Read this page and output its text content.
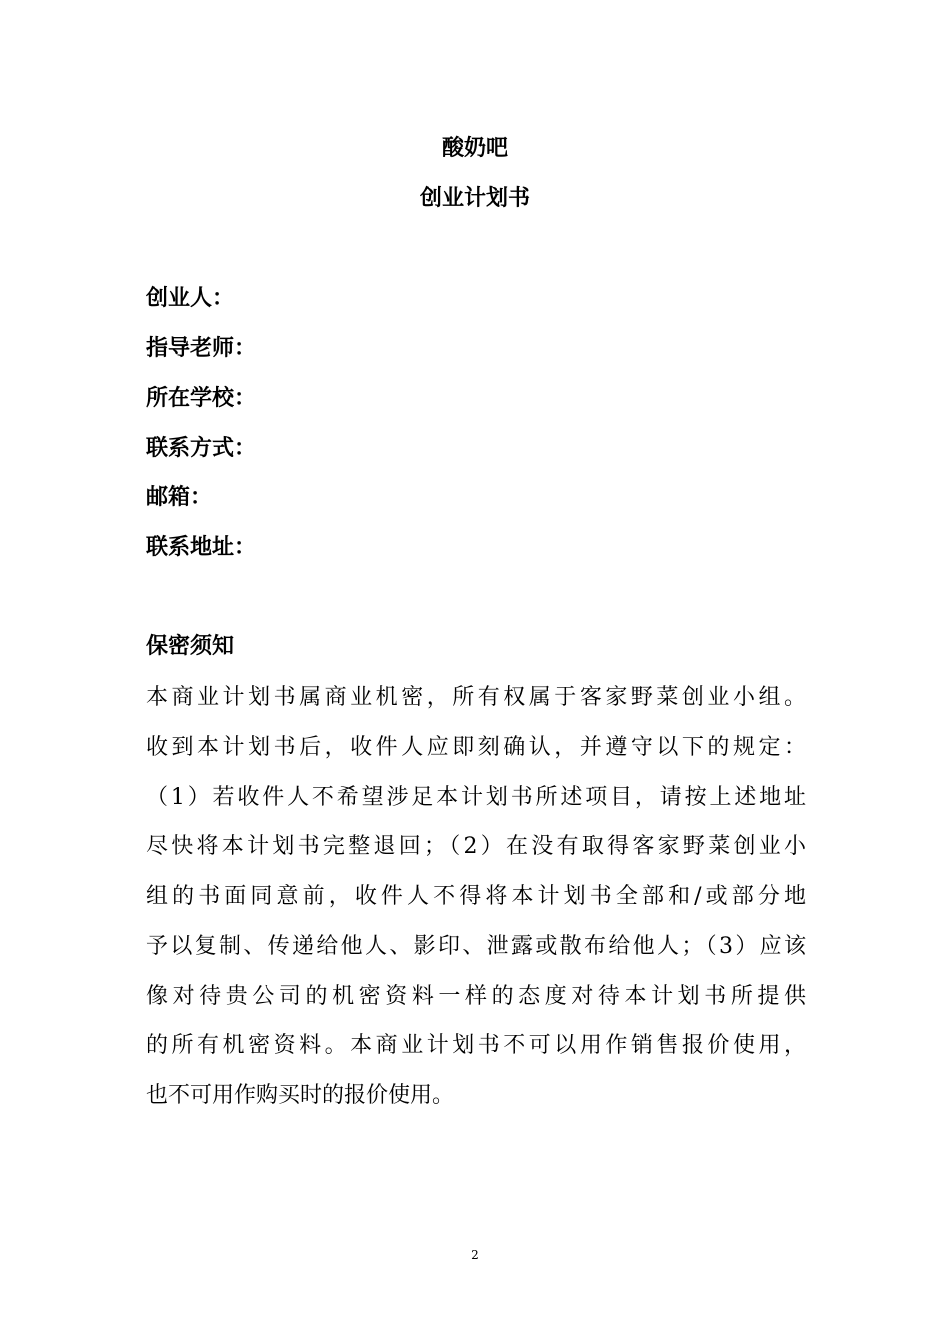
酸奶吧
创业计划书
创业人：
指导老师：
所在学校：
联系方式：
邮箱：
联系地址：
保密须知
本商业计划书属商业机密，所有权属于客家野菜创业小组。
收到本计划书后，收件人应即刻确认，并遵守以下的规定：
（1）若收件人不希望涉足本计划书所述项目，请按上述地址
尽快将本计划书完整退回；（2）在没有取得客家野菜创业小
组的书面同意前，收件人不得将本计划书全部和/或部分地
予以复制、传递给他人、影印、泄露或散布给他人；（3）应该
像对待贵公司的机密资料一样的态度对待本计划书所提供
的所有机密资料。本商业计划书不可以用作销售报价使用，
也不可用作购买时的报价使用。
2
